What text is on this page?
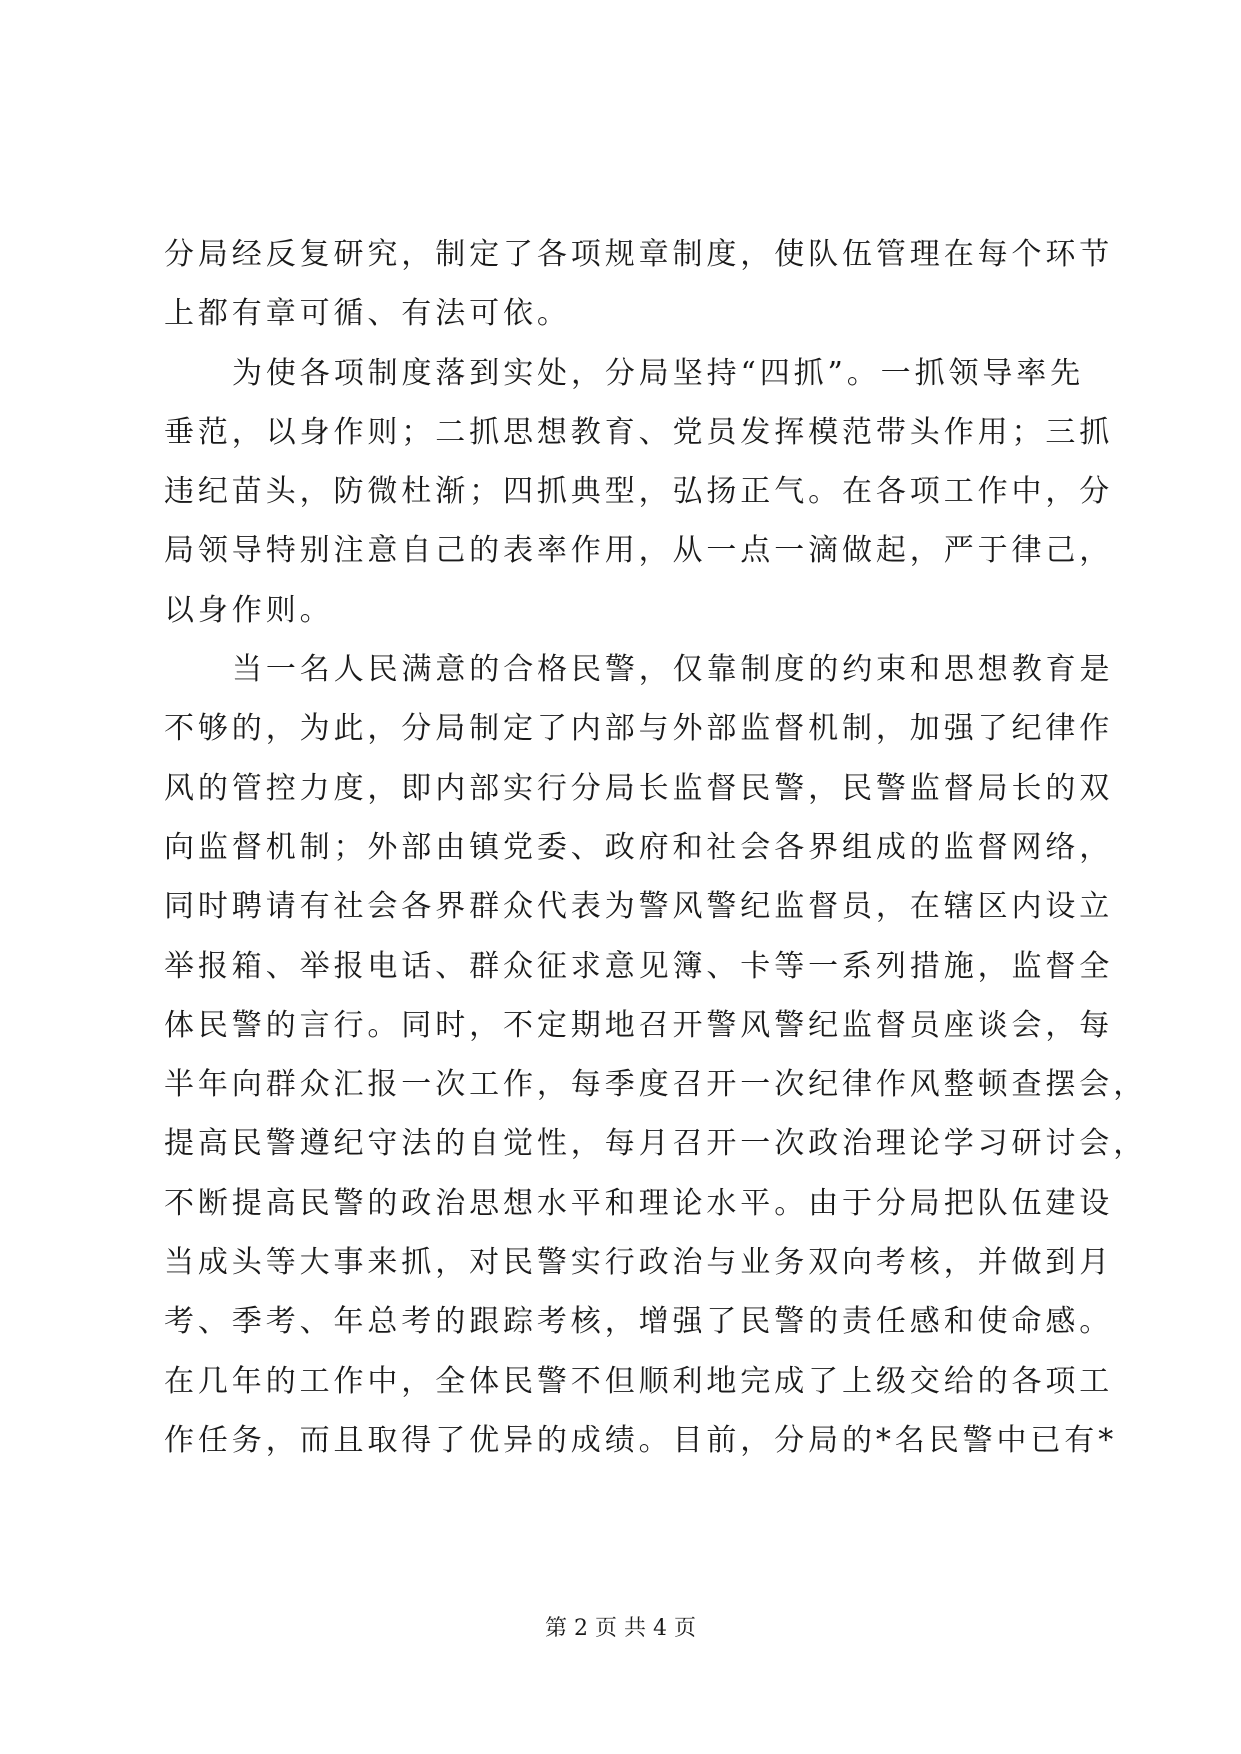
分局经反复研究，制定了各项规章制度，使队伍管理在每个环节
上都有章可循、有法可依。
为使各项制度落到实处，分局坚持“四抓”。一抓领导率先
垂范，以身作则；二抓思想教育、党员发挥模范带头作用；三抓
违纪苗头，防微杜渐；四抓典型，弘扬正气。在各项工作中，分
局领导特别注意自己的表率作用，从一点一滴做起，严于律己，
以身作则。
当一名人民满意的合格民警，仅靠制度的约束和思想教育是
不够的，为此，分局制定了内部与外部监督机制，加强了纪律作
风的管控力度，即内部实行分局长监督民警，民警监督局长的双
向监督机制；外部由镇党委、政府和社会各界组成的监督网络，
同时聘请有社会各界群众代表为警风警纪监督员，在辖区内设立
举报箱、举报电话、群众征求意见簿、卡等一系列措施，监督全
体民警的言行。同时，不定期地召开警风警纪监督员座谈会，每
半年向群众汇报一次工作，每季度召开一次纪律作风整顿查摆会，
提高民警遵纪守法的自觉性，每月召开一次政治理论学习研讨会，
不断提高民警的政治思想水平和理论水平。由于分局把队伍建设
当成头等大事来抓，对民警实行政治与业务双向考核，并做到月
考、季考、年总考的跟踪考核，增强了民警的责任感和使命感。
在几年的工作中，全体民警不但顺利地完成了上级交给的各项工
作任务，而且取得了优异的成绩。目前，分局的*名民警中已有*
第 2 页 共 4 页
